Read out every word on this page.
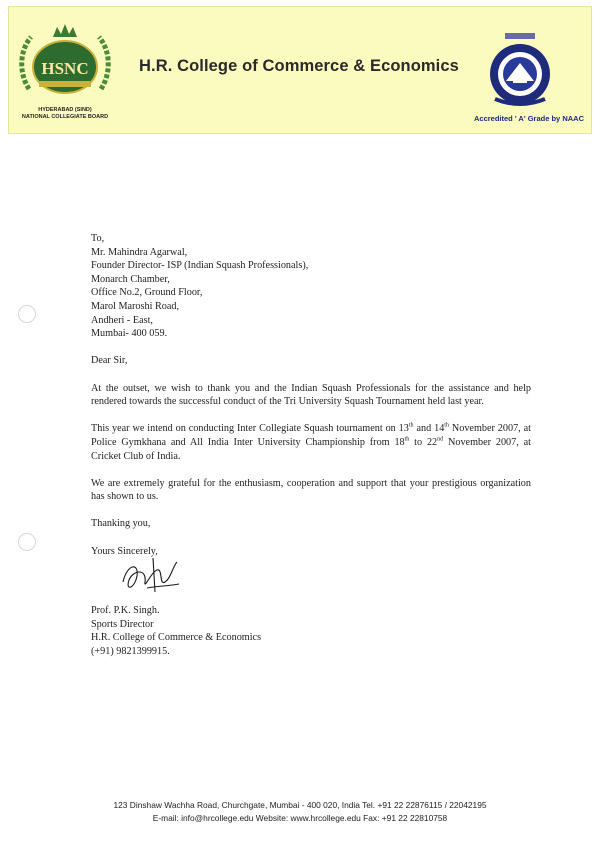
HSNC
HYDERABAD (SIND)
NATIONAL COLLEGIATE BOARD
H.R. College of Commerce & Economics
Accredited ' A' Grade by NAAC

To,

Mr. Mahindra Agarwal,

Founder Director- ISP (Indian Squash Professionals),

Monarch Chamber,

Office No.2, Ground Floor,

Marol Maroshi Road,

Andheri - East,

Mumbai- 400 059.

Dear Sir,

At the outset, we wish to thank you and the Indian Squash Professionals for the assistance and help rendered towards the successful conduct of the Tri University Squash Tournament held last year.

This year we intend on conducting Inter Collegiate Squash tournament on 13th and 14th November 2007, at Police Gymkhana and All India Inter University Championship from 18th to 22nd November 2007, at Cricket Club of India.

We are extremely grateful for the enthusiasm, cooperation and support that your prestigious organization has shown to us.

Thanking you,

Yours Sincerely,

Prof. P.K. Singh.

Sports Director

H.R. College of Commerce & Economics

(+91) 9821399915.

123 Dinshaw Wachha Road, Churchgate, Mumbai - 400 020, India Tel. +91 22 22876115 / 22042195
E-mail: info@hrcollege.edu Website: www.hrcollege.edu Fax: +91 22 22810758
